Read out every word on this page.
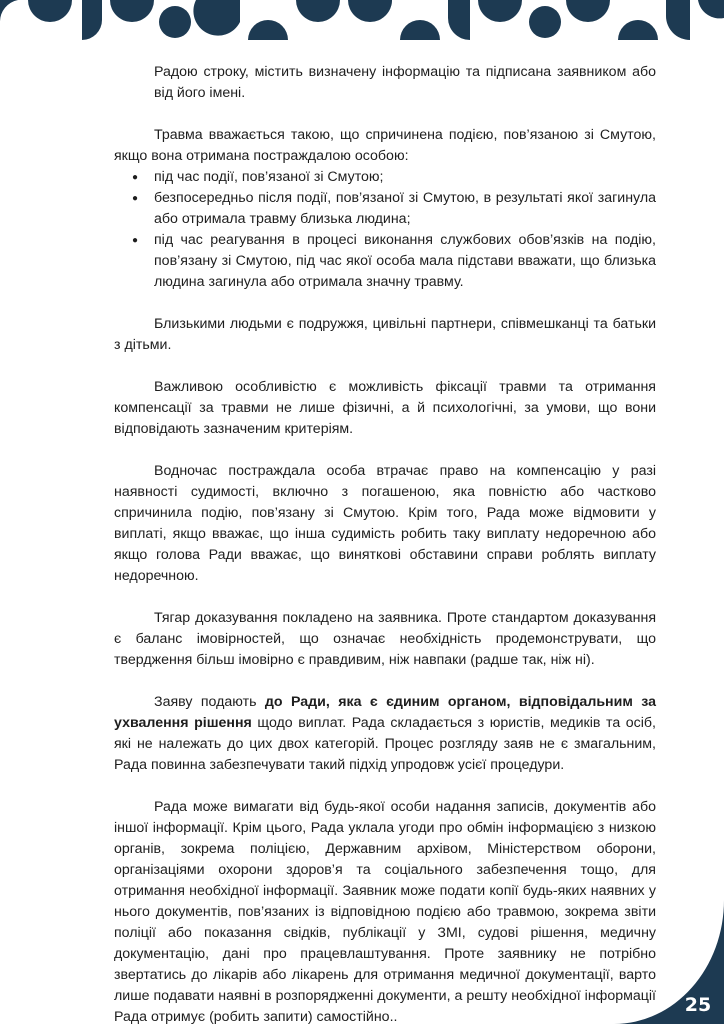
Радою строку, містить визначену інформацію та підписана заявником або від його імені.

Травма вважається такою, що спричинена подією, пов’язаною зі Смутою, якщо вона отримана постраждалою особою:

● під час події, пов’язаної зі Смутою;
● безпосередньо після події, пов’язаної зі Смутою, в результаті якої загинула або отримала травму близька людина;
● під час реагування в процесі виконання службових обов’язків на подію, пов’язану зі Смутою, під час якої особа мала підстави вважати, що близька людина загинула або отримала значну травму.

Близькими людьми є подружжя, цивільні партнери, співмешканці та батьки з дітьми.

Важливою особливістю є можливість фіксації травми та отримання компенсації за травми не лише фізичні, а й психологічні, за умови, що вони відповідають зазначеним критеріям.

Водночас постраждала особа втрачає право на компенсацію у разі наявності судимості, включно з погашеною, яка повністю або частково спричинила подію, пов’язану зі Смутою. Крім того, Рада може відмовити у виплаті, якщо вважає, що інша судимість робить таку виплату недоречною або якщо голова Ради вважає, що виняткові обставини справи роблять виплату недоречною.

Тягар доказування покладено на заявника. Проте стандартом доказування є баланс імовірностей, що означає необхідність продемонструвати, що твердження більш імовірно є правдивим, ніж навпаки (радше так, ніж ні).

Заяву подають до Ради, яка є єдиним органом, відповідальним за ухвалення рішення щодо виплат. Рада складається з юристів, медиків та осіб, які не належать до цих двох категорій. Процес розгляду заяв не є змагальним, Рада повинна забезпечувати такий підхід упродовж усієї процедури.

Рада може вимагати від будь-якої особи надання записів, документів або іншої інформації. Крім цього, Рада уклала угоди про обмін інформацією з низкою органів, зокрема поліцією, Державним архівом, Міністерством оборони, організаціями охорони здоров’я та соціального забезпечення тощо, для отримання необхідної інформації. Заявник може подати копії будь-яких наявних у нього документів, пов’язаних із відповідною подією або травмою, зокрема звіти поліції або показання свідків, публікації у ЗМІ, судові рішення, медичну документацію, дані про працевлаштування. Проте заявнику не потрібно звертатись до лікарів або лікарень для отримання медичної документації, варто лише подавати наявні в розпорядженні документи, а решту необхідної інформації Рада отримує (робить запити) самостійно..

25
